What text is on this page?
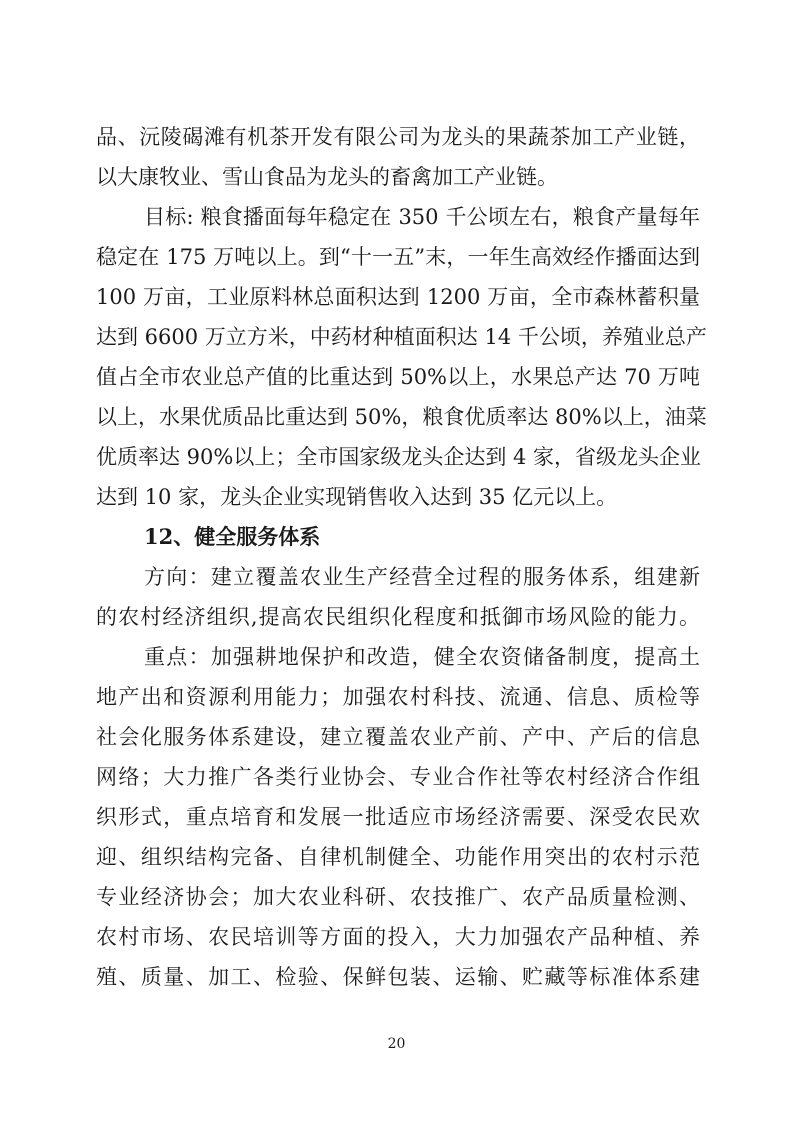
品、沅陵碣滩有机茶开发有限公司为龙头的果蔬茶加工产业链，
以大康牧业、雪山食品为龙头的畜禽加工产业链。
目标: 粮食播面每年稳定在 350 千公顷左右，粮食产量每年
稳定在 175 万吨以上。到“十一五”末，一年生高效经作播面达到
100 万亩，工业原料林总面积达到 1200 万亩，全市森林蓄积量
达到 6600 万立方米，中药材种植面积达 14 千公顷，养殖业总产
值占全市农业总产值的比重达到 50%以上，水果总产达 70 万吨
以上，水果优质品比重达到 50%，粮食优质率达 80%以上，油菜
优质率达 90%以上；全市国家级龙头企达到 4 家，省级龙头企业
达到 10 家，龙头企业实现销售收入达到 35 亿元以上。
12、健全服务体系
方向：建立覆盖农业生产经营全过程的服务体系，组建新
的农村经济组织,提高农民组织化程度和抵御市场风险的能力。
重点：加强耕地保护和改造，健全农资储备制度，提高土
地产出和资源利用能力；加强农村科技、流通、信息、质检等
社会化服务体系建设，建立覆盖农业产前、产中、产后的信息
网络；大力推广各类行业协会、专业合作社等农村经济合作组
织形式，重点培育和发展一批适应市场经济需要、深受农民欢
迎、组织结构完备、自律机制健全、功能作用突出的农村示范
专业经济协会；加大农业科研、农技推广、农产品质量检测、
农村市场、农民培训等方面的投入，大力加强农产品种植、养
殖、质量、加工、检验、保鲜包装、运输、贮藏等标准体系建
20
